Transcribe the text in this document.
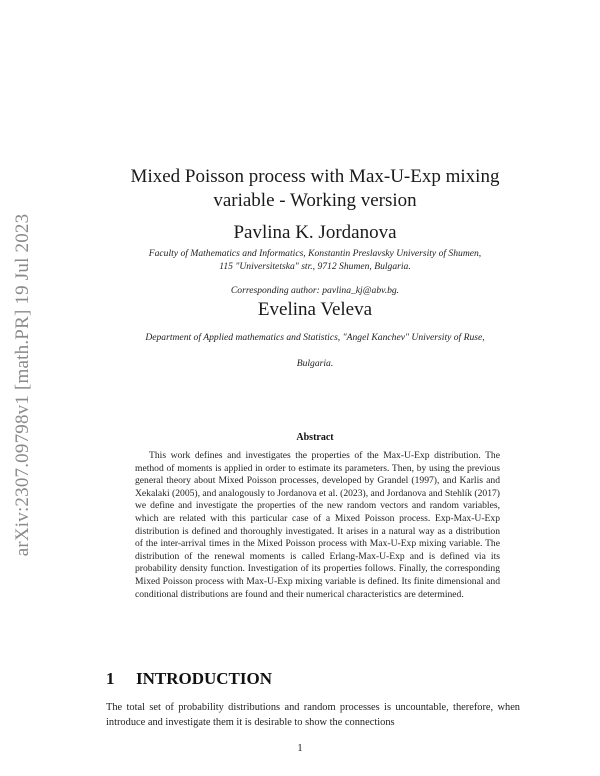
arXiv:2307.09798v1 [math.PR] 19 Jul 2023
Mixed Poisson process with Max-U-Exp mixing
variable - Working version
Pavlina K. Jordanova
Faculty of Mathematics and Informatics, Konstantin Preslavsky University of Shumen,
115 "Universitetska" str., 9712 Shumen, Bulgaria.
Corresponding author: pavlina_kj@abv.bg.
Evelina Veleva
Department of Applied mathematics and Statistics, "Angel Kanchev" University of Ruse,
Bulgaria.
Abstract

This work defines and investigates the properties of the Max-U-Exp distribution. The method of moments is applied in order to estimate its parameters. Then, by using the previous general theory about Mixed Poisson processes, developed by Grandel (1997), and Karlis and Xekalaki (2005), and analogously to Jordanova et al. (2023), and Jordanova and Stehlík (2017) we define and investigate the properties of the new random vectors and random variables, which are related with this particular case of a Mixed Poisson process. Exp-Max-U-Exp distribution is defined and thoroughly investigated. It arises in a natural way as a distribution of the inter-arrival times in the Mixed Poisson process with Max-U-Exp mixing variable. The distribution of the renewal moments is called Erlang-Max-U-Exp and is defined via its probability density function. Investigation of its properties follows. Finally, the corresponding Mixed Poisson process with Max-U-Exp mixing variable is defined. Its finite dimensional and conditional distributions are found and their numerical characteristics are determined.

1 INTRODUCTION

The total set of probability distributions and random processes is uncountable, therefore, when introduce and investigate them it is desirable to show the connections

1
